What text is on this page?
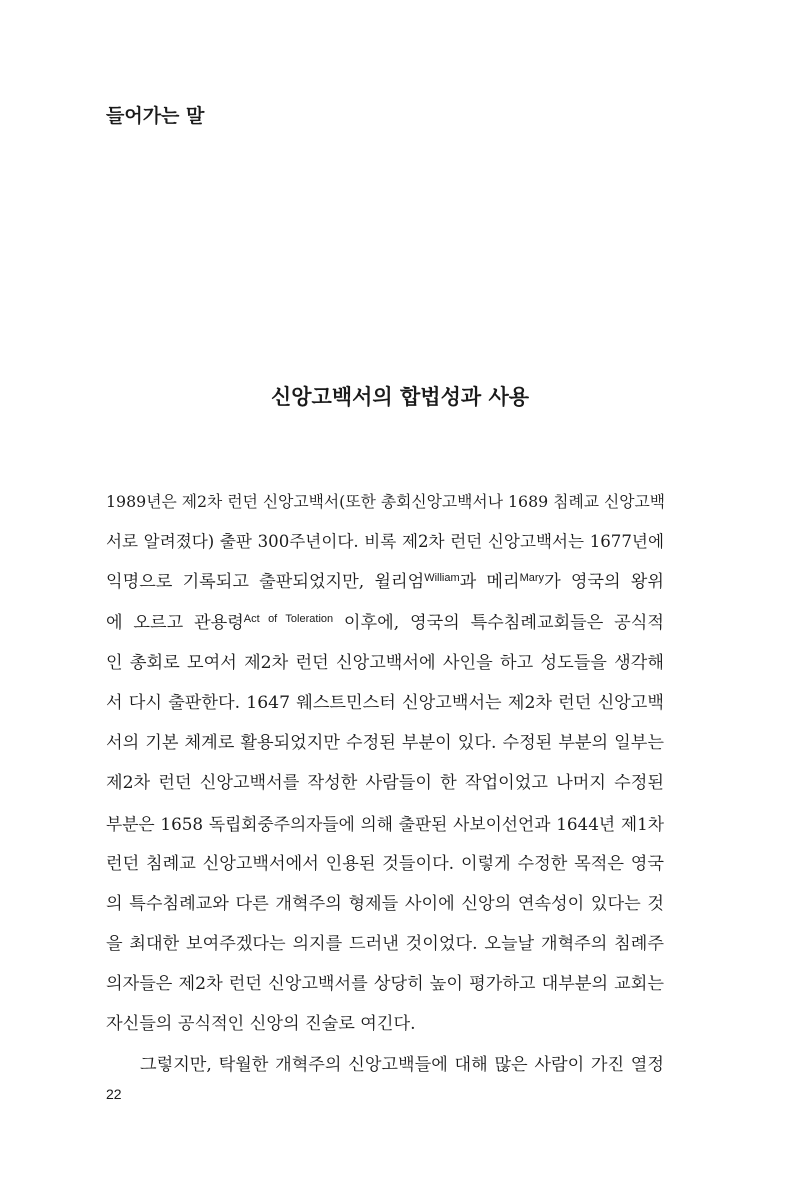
들어가는 말
신앙고백서의 합법성과 사용
1989년은 제2차 런던 신앙고백서(또한 총회신앙고백서나 1689 침례교 신앙고백
서로 알려졌다) 출판 300주년이다. 비록 제2차 런던 신앙고백서는 1677년에
익명으로 기록되고 출판되었지만, 윌리엄$^{William}$과 메리$^{Mary}$가 영국의 왕위
에 오르고 관용령$^{Act of Toleration}$ 이후에, 영국의 특수침례교회들은 공식적
인 총회로 모여서 제2차 런던 신앙고백서에 사인을 하고 성도들을 생각해
서 다시 출판한다. 1647 웨스트민스터 신앙고백서는 제2차 런던 신앙고백
서의 기본 체계로 활용되었지만 수정된 부분이 있다. 수정된 부분의 일부는
제2차 런던 신앙고백서를 작성한 사람들이 한 작업이었고 나머지 수정된
부분은 1658 독립회중주의자들에 의해 출판된 사보이선언과 1644년 제1차
런던 침례교 신앙고백서에서 인용된 것들이다. 이렇게 수정한 목적은 영국
의 특수침례교와 다른 개혁주의 형제들 사이에 신앙의 연속성이 있다는 것
을 최대한 보여주겠다는 의지를 드러낸 것이었다. 오늘날 개혁주의 침례주
의자들은 제2차 런던 신앙고백서를 상당히 높이 평가하고 대부분의 교회는
자신들의 공식적인 신앙의 진술로 여긴다.
그렇지만, 탁월한 개혁주의 신앙고백들에 대해 많은 사람이 가진 열정
22
